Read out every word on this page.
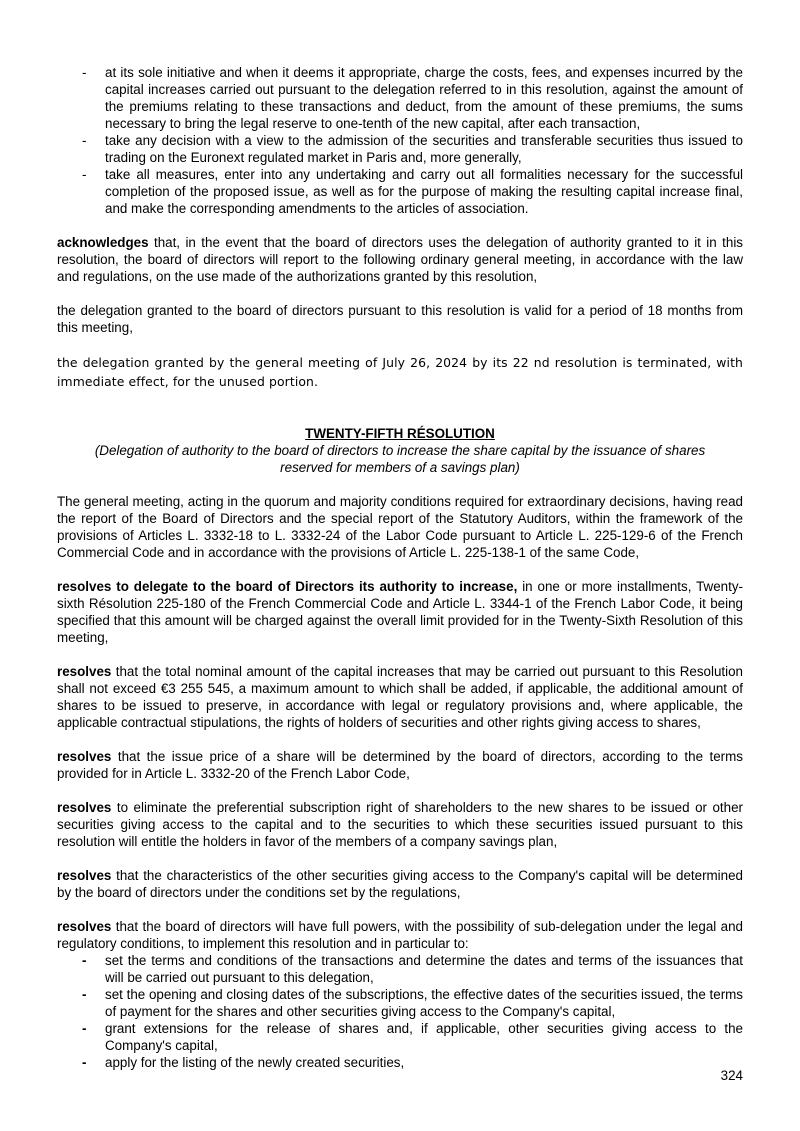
- at its sole initiative and when it deems it appropriate, charge the costs, fees, and expenses incurred by the capital increases carried out pursuant to the delegation referred to in this resolution, against the amount of the premiums relating to these transactions and deduct, from the amount of these premiums, the sums necessary to bring the legal reserve to one-tenth of the new capital, after each transaction,
- take any decision with a view to the admission of the securities and transferable securities thus issued to trading on the Euronext regulated market in Paris and, more generally,
- take all measures, enter into any undertaking and carry out all formalities necessary for the successful completion of the proposed issue, as well as for the purpose of making the resulting capital increase final, and make the corresponding amendments to the articles of association.

acknowledges that, in the event that the board of directors uses the delegation of authority granted to it in this resolution, the board of directors will report to the following ordinary general meeting, in accordance with the law and regulations, on the use made of the authorizations granted by this resolution,

the delegation granted to the board of directors pursuant to this resolution is valid for a period of 18 months from this meeting,

the delegation granted by the general meeting of July 26, 2024 by its 22 nd resolution is terminated, with immediate effect, for the unused portion.

TWENTY-FIFTH RÉSOLUTION

(Delegation of authority to the board of directors to increase the share capital by the issuance of shares reserved for members of a savings plan)

The general meeting, acting in the quorum and majority conditions required for extraordinary decisions, having read the report of the Board of Directors and the special report of the Statutory Auditors, within the framework of the provisions of Articles L. 3332-18 to L. 3332-24 of the Labor Code pursuant to Article L. 225-129-6 of the French Commercial Code and in accordance with the provisions of Article L. 225-138-1 of the same Code,

resolves to delegate to the board of Directors its authority to increase, in one or more installments, Twenty-sixth Résolution 225-180 of the French Commercial Code and Article L. 3344-1 of the French Labor Code, it being specified that this amount will be charged against the overall limit provided for in the Twenty-Sixth Resolution of this meeting,

resolves that the total nominal amount of the capital increases that may be carried out pursuant to this Resolution shall not exceed €3 255 545, a maximum amount to which shall be added, if applicable, the additional amount of shares to be issued to preserve, in accordance with legal or regulatory provisions and, where applicable, the applicable contractual stipulations, the rights of holders of securities and other rights giving access to shares,

resolves that the issue price of a share will be determined by the board of directors, according to the terms provided for in Article L. 3332-20 of the French Labor Code,

resolves to eliminate the preferential subscription right of shareholders to the new shares to be issued or other securities giving access to the capital and to the securities to which these securities issued pursuant to this resolution will entitle the holders in favor of the members of a company savings plan,

resolves that the characteristics of the other securities giving access to the Company's capital will be determined by the board of directors under the conditions set by the regulations,

resolves that the board of directors will have full powers, with the possibility of sub-delegation under the legal and regulatory conditions, to implement this resolution and in particular to:

- set the terms and conditions of the transactions and determine the dates and terms of the issuances that will be carried out pursuant to this delegation,
- set the opening and closing dates of the subscriptions, the effective dates of the securities issued, the terms of payment for the shares and other securities giving access to the Company's capital,
- grant extensions for the release of shares and, if applicable, other securities giving access to the Company's capital,
- apply for the listing of the newly created securities,
324
